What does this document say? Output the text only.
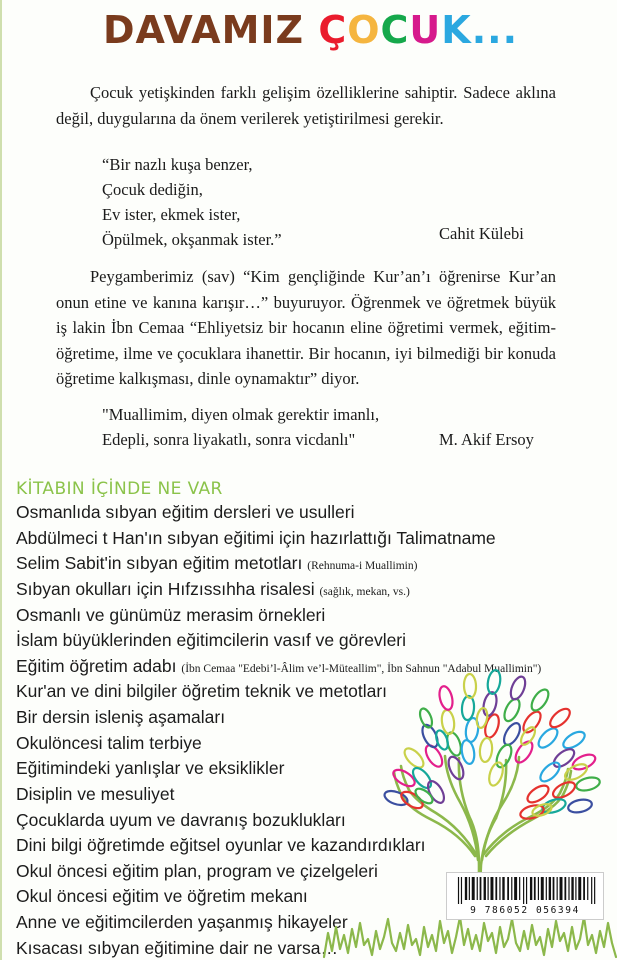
DAVAMIZ ÇOCUK...
Çocuk yetişkinden farklı gelişim özelliklerine sahiptir. Sadece aklına değil, duygularına da önem verilerek yetiştirilmesi gerekir.
“Bir nazlı kuşa benzer,
Çocuk dediğin,
Ev ister, ekmek ister,
Öpülmek, okşanmak ister.”	Cahit Külebi
Peygamberimiz (sav) “Kim gençliğinde Kur’an’ı öğrenirse Kur’an onun etine ve kanına karışır…” buyuruyor. Öğrenmek ve öğretmek büyük iş lakin İbn Cemaa “Ehliyetsiz bir hocanın eline öğretimi vermek, eğitim-öğretime, ilme ve çocuklara ihanettir. Bir hocanın, iyi bilmediği bir konuda öğretime kalkışması, dinle oynamaktır” diyor.
"Muallimim, diyen olmak gerektir imanlı,
Edepli, sonra liyakatlı, sonra vicdanlı"	M. Akif Ersoy
KİTABIN İÇİNDE NE VAR
Osmanlıda sıbyan eğitim dersleri ve usulleri
Abdülmeci t Han'ın sıbyan eğitimi için hazırlattığı Talimatname
Selim Sabit'in sıbyan eğitim metotları (Rehnuma-i Muallimin)
Sıbyan okulları için Hıfzıssıhha risalesi (sağlık, mekan, vs.)
Osmanlı ve günümüz merasim örnekleri
İslam büyüklerinden eğitimcilerin vasıf ve görevleri
Eğitim öğretim adabı (İbn Cemaa "Edebi’l-Âlim ve’l-Müteallim", İbn Sahnun "Adabul Muallimin")
Kur'an ve dini bilgiler öğretim teknik ve metotları
Bir dersin isleniş aşamaları
Okulöncesi talim terbiye
Eğitimindeki yanlışlar ve eksiklikler
Disiplin ve mesuliyet
Çocuklarda uyum ve davranış bozuklukları
Dini bilgi öğretimde eğitsel oyunlar ve kazandırdıkları
Okul öncesi eğitim plan, program ve çizelgeleri
Okul öncesi eğitim ve öğretim mekanı
Anne ve eğitimcilerden yaşanmış hikayeler
Kısacası sıbyan eğitimine dair ne varsa…
9 786052 056394
